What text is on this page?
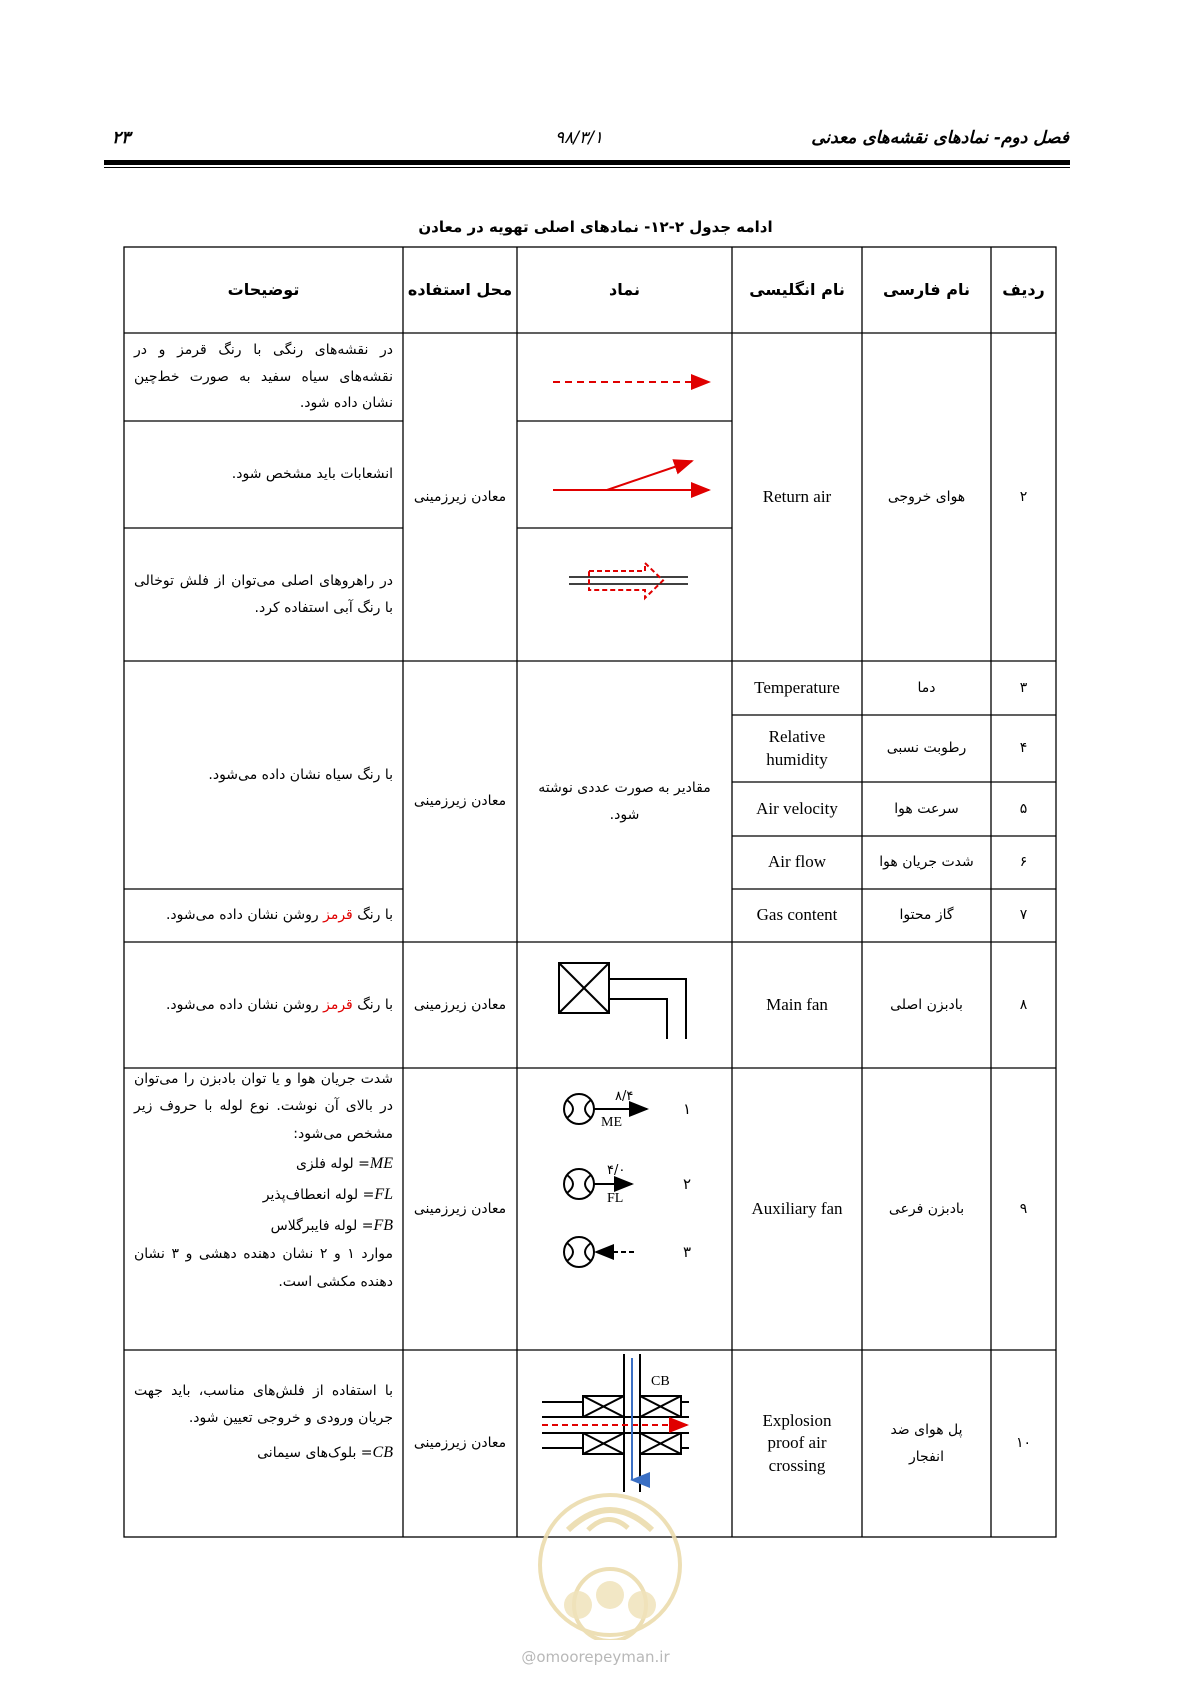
۲۳	۹۸/۳/۱	فصل دوم- نمادهای نقشه‌های معدنی
ادامه جدول ۲-۱۲- نمادهای اصلی تهویه در معادن
ردیف
نام فارسی
نام انگلیسی
نماد
محل استفاده
توضیحات
۲
هوای خروجی
Return air
معادن زیرزمینی
در نقشه‌های رنگی با رنگ قرمز و در نقشه‌های سیاه سفید به صورت خط‌چین نشان داده شود.
انشعابات باید مشخص شود.
در راهروهای اصلی می‌توان از فلش توخالی با رنگ آبی استفاده کرد.
۳
دما
Temperature
۴
رطوبت نسبی
Relative humidity
۵
سرعت هوا
Air velocity
۶
شدت جریان هوا
Air flow
۷
گاز محتوا
Gas content
مقادیر به صورت عددی نوشته شود.
معادن زیرزمینی
با رنگ سیاه نشان داده می‌شود.
با رنگ قرمز روشن نشان داده می‌شود.
۸
بادبزن اصلی
Main fan
معادن زیرزمینی
با رنگ قرمز روشن نشان داده می‌شود.
۹
بادبزن فرعی
Auxiliary fan
معادن زیرزمینی
شدت جریان هوا و یا توان بادبزن را می‌توان در بالای آن نوشت. نوع لوله با حروف زیر مشخص می‌شود:
ME= لوله فلزی
FL= لوله انعطاف‌پذیر
FB= لوله فایبرگلاس
موارد ۱ و ۲ نشان دهنده دهشی و ۳ نشان دهنده مکشی است.
۸/۴
ME
۱
۴/۰
FL
۲
۳
۱۰
پل هوای ضد انفجار
Explosion proof air crossing
معادن زیرزمینی
با استفاده از فلش‌های مناسب، باید جهت جریان ورودی و خروجی تعیین شود.
CB= بلوک‌های سیمانی
CB
@omoorepeyman.ir
